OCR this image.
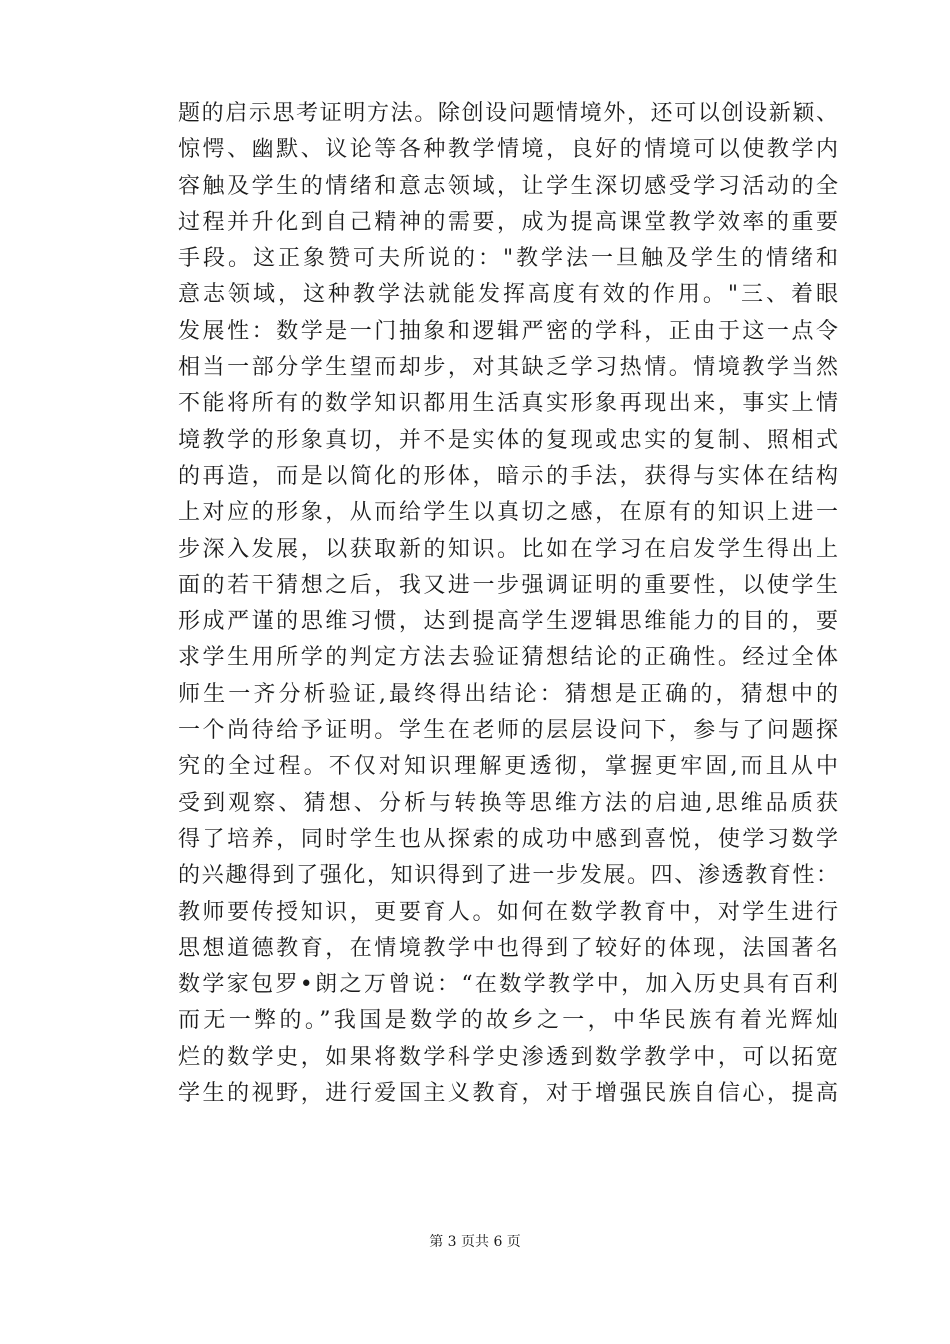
题的启示思考证明方法。除创设问题情境外，还可以创设新颖、
惊愕、幽默、议论等各种教学情境，良好的情境可以使教学内
容触及学生的情绪和意志领域，让学生深切感受学习活动的全
过程并升化到自己精神的需要，成为提高课堂教学效率的重要
手段。这正象赞可夫所说的："教学法一旦触及学生的情绪和
意志领域，这种教学法就能发挥高度有效的作用。"三、着眼
发展性：数学是一门抽象和逻辑严密的学科，正由于这一点令
相当一部分学生望而却步，对其缺乏学习热情。情境教学当然
不能将所有的数学知识都用生活真实形象再现出来，事实上情
境教学的形象真切，并不是实体的复现或忠实的复制、照相式
的再造，而是以简化的形体，暗示的手法，获得与实体在结构
上对应的形象，从而给学生以真切之感，在原有的知识上进一
步深入发展，以获取新的知识。比如在学习在启发学生得出上
面的若干猜想之后，我又进一步强调证明的重要性，以使学生
形成严谨的思维习惯，达到提高学生逻辑思维能力的目的，要
求学生用所学的判定方法去验证猜想结论的正确性。经过全体
师生一齐分析验证,最终得出结论：猜想是正确的，猜想中的
一个尚待给予证明。学生在老师的层层设问下，参与了问题探
究的全过程。不仅对知识理解更透彻，掌握更牢固,而且从中
受到观察、猜想、分析与转换等思维方法的启迪,思维品质获
得了培养，同时学生也从探索的成功中感到喜悦，使学习数学
的兴趣得到了强化，知识得到了进一步发展。四、渗透教育性：
教师要传授知识，更要育人。如何在数学教育中，对学生进行
思想道德教育，在情境教学中也得到了较好的体现，法国著名
数学家包罗•朗之万曾说：“在数学教学中，加入历史具有百利
而无一弊的。”我国是数学的故乡之一，中华民族有着光辉灿
烂的数学史，如果将数学科学史渗透到数学教学中，可以拓宽
学生的视野，进行爱国主义教育，对于增强民族自信心，提高
第 3 页共 6 页
